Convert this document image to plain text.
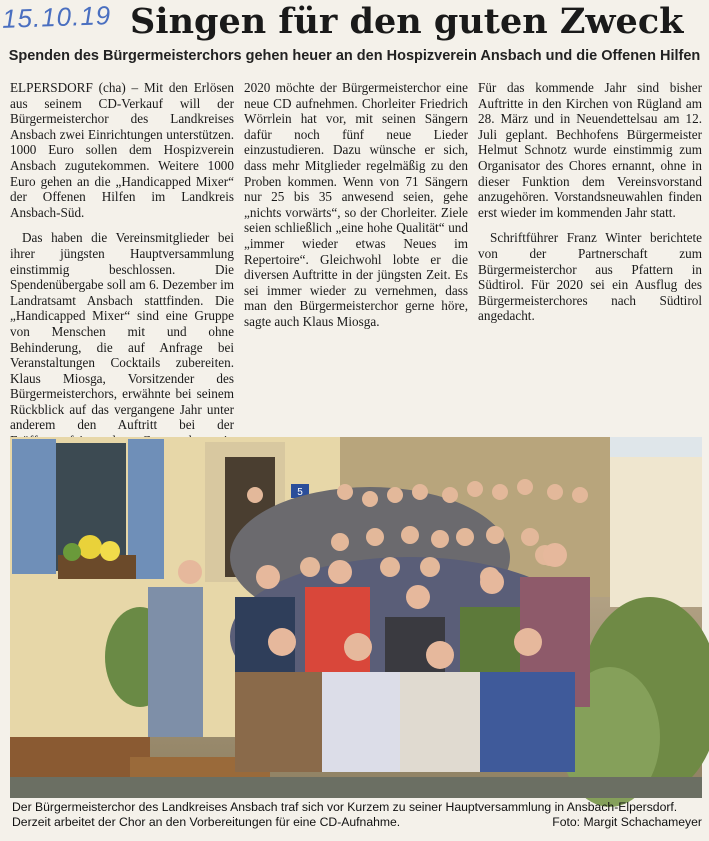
15.10.19 Singen für den guten Zweck
Spenden des Bürgermeisterchors gehen heuer an den Hospizverein Ansbach und die Offenen Hilfen

ELPERSDORF (cha) – Mit den Erlösen aus seinem CD-Verkauf will der Bürgermeisterchor des Landkreises Ansbach zwei Einrichtungen unterstützen. 1000 Euro sollen dem Hospizverein Ansbach zugutekommen. Weitere 1000 Euro gehen an die „Handicapped Mixer“ der Offenen Hilfen im Landkreis Ansbach-Süd.

Das haben die Vereinsmitglieder bei ihrer jüngsten Hauptversammlung einstimmig beschlossen. Die Spendenübergabe soll am 6. Dezember im Landratsamt Ansbach stattfinden. Die „Handicapped Mixer“ sind eine Gruppe von Menschen mit und ohne Behinderung, die auf Anfrage bei Veranstaltungen Cocktails zubereiten. Klaus Miosga, Vorsitzender des Bürgermeisterchors, erwähnte bei seinem Rückblick auf das vergangene Jahr unter anderem den Auftritt bei der

2020 möchte der Bürgermeisterchor eine neue CD aufnehmen. Chorleiter Friedrich Wörrlein hat vor, mit seinen Sängern dafür noch fünf neue Lieder einzustudieren. Dazu wünsche er sich, dass mehr Mitglieder regelmäßig zu den Proben kommen. Wenn von 71 Sängern nur 25 bis 35 anwesend seien, gehe „nichts vorwärts“, so der Chorleiter. Ziele seien schließlich „eine hohe Qualität“ und „immer wieder etwas Neues im Repertoire“. Gleichwohl lobte er die diversen Auftritte in der jüngsten Zeit. Es sei immer wieder zu vernehmen, dass man den Bürgermeisterchor gerne höre, sagte auch Klaus Miosga.

Für das kommende Jahr sind bisher Auftritte in den Kirchen von Rügland am 28. März und in Neuendettelsau am 12. Juli geplant. Bechhofens Bürgermeister Helmut Schnotz wurde einstimmig zum Organisator des Chores ernannt, ohne in dieser Funktion dem Vereinsvorstand anzugehören. Vorstandsneuwahlen finden erst wieder im kommenden Jahr statt.

Schriftführer Franz Winter berichtete von der Partnerschaft zum Bürgermeisterchor aus Pfattern in Südtirol. Für 2020 sei ein Ausflug des Bürgermeisterchores nach Südtirol angedacht.

5
Der Bürgermeisterchor des Landkreises Ansbach traf sich vor Kurzem zu seiner Hauptversammlung in Ansbach-Elpersdorf. Derzeit arbeitet der Chor an den Vorbereitungen für eine CD-Aufnahme.	Foto: Margit Schachameyer
